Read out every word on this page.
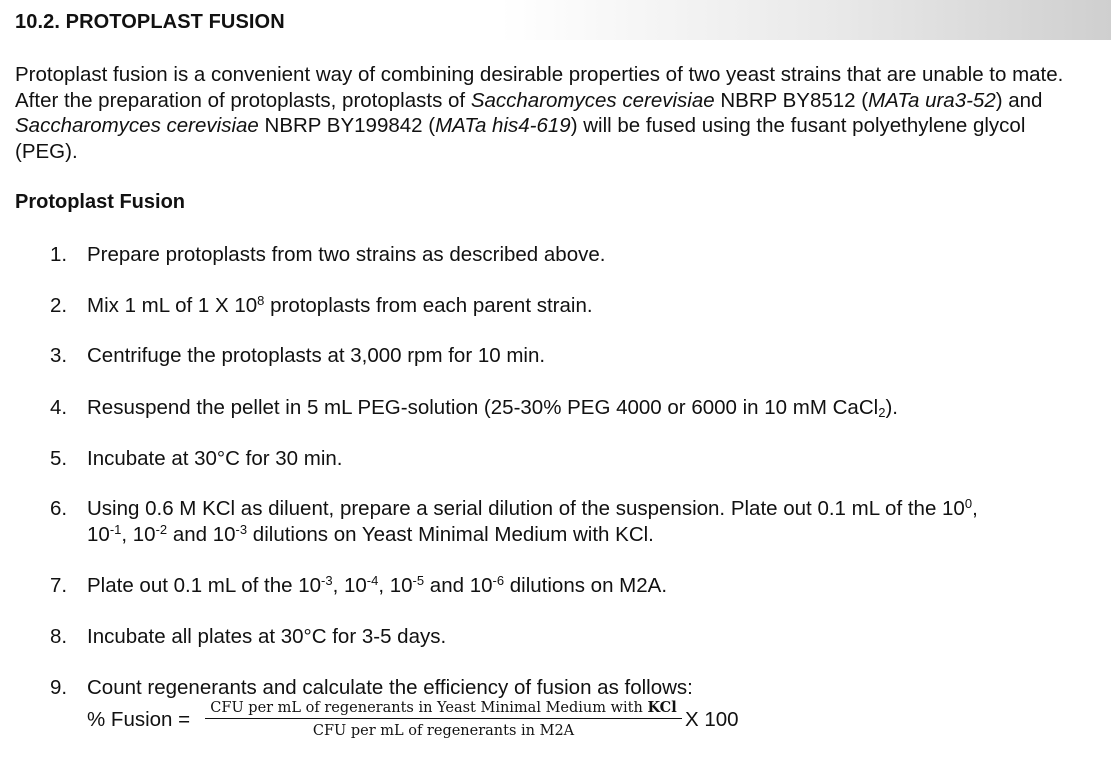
10.2. PROTOPLAST FUSION

Protoplast fusion is a convenient way of combining desirable properties of two yeast strains that are unable to mate. After the preparation of protoplasts, protoplasts of Saccharomyces cerevisiae NBRP BY8512 (MATa ura3-52) and Saccharomyces cerevisiae NBRP BY199842 (MATa his4-619) will be fused using the fusant polyethylene glycol (PEG).

Protoplast Fusion
1. Prepare protoplasts from two strains as described above.
2. Mix 1 mL of 1 X $10^8$ protoplasts from each parent strain.
3. Centrifuge the protoplasts at 3,000 rpm for 10 min.
4. Resuspend the pellet in 5 mL PEG-solution (25-30% PEG 4000 or 6000 in 10 mM CaCl$_2$).
5. Incubate at 30°C for 30 min.
6. Using 0.6 M KCl as diluent, prepare a serial dilution of the suspension. Plate out 0.1 mL of the $10^0$, $10^{-1}$, $10^{-2}$ and $10^{-3}$ dilutions on Yeast Minimal Medium with KCl.
7. Plate out 0.1 mL of the $10^{-3}$, $10^{-4}$, $10^{-5}$ and $10^{-6}$ dilutions on M2A.
8. Incubate all plates at 30°C for 3-5 days.
9. Count regenerants and calculate the efficiency of fusion as follows:
% Fusion =	CFU per mL of regenerants in Yeast Minimal Medium with KCl
CFU per mL of regenerants in M2A	X 100
